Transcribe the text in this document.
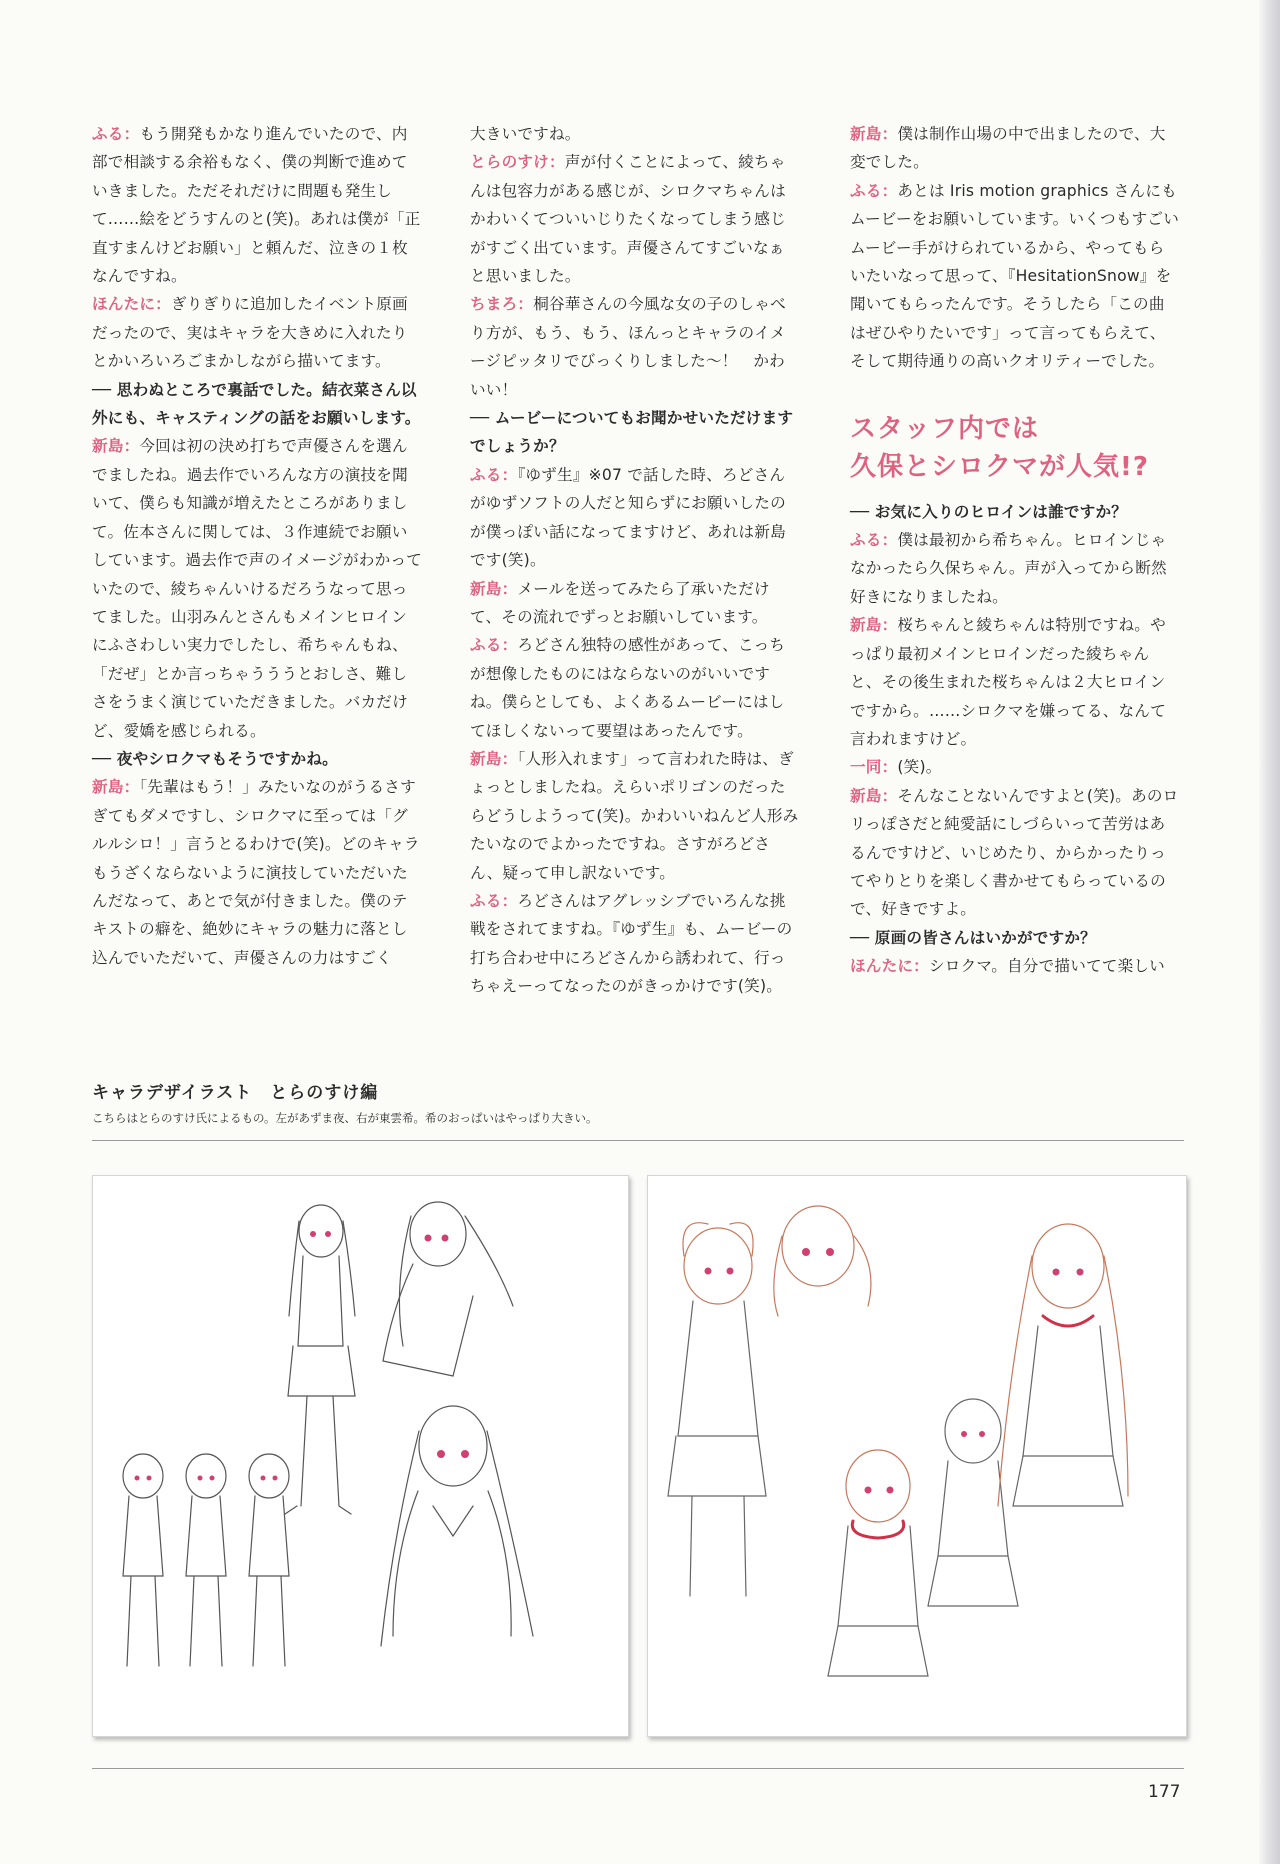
ふる：もう開発もかなり進んでいたので、内部で相談する余裕もなく、僕の判断で進めていきました。ただそれだけに問題も発生して……絵をどうすんのと(笑)。あれは僕が「正直すまんけどお願い」と頼んだ、泣きの１枚なんですね。

ほんたに：ぎりぎりに追加したイベント原画だったので、実はキャラを大きめに入れたりとかいろいろごまかしながら描いてます。

── 思わぬところで裏話でした。結衣菜さん以外にも、キャスティングの話をお願いします。

新島：今回は初の決め打ちで声優さんを選んでましたね。過去作でいろんな方の演技を聞いて、僕らも知識が増えたところがありまして。佐本さんに関しては、３作連続でお願いしています。過去作で声のイメージがわかっていたので、綾ちゃんいけるだろうなって思ってました。山羽みんとさんもメインヒロインにふさわしい実力でしたし、希ちゃんもね、「だぜ」とか言っちゃうううとおしさ、難しさをうまく演じていただきました。バカだけど、愛嬌を感じられる。

── 夜やシロクマもそうですかね。

新島：「先輩はもう！」みたいなのがうるさすぎてもダメですし、シロクマに至っては「グルルシロ！」言うとるわけで(笑)。どのキャラもうざくならないように演技していただいたんだなって、あとで気が付きました。僕のテキストの癖を、絶妙にキャラの魅力に落とし込んでいただいて、声優さんの力はすごく

大きいですね。

とらのすけ：声が付くことによって、綾ちゃんは包容力がある感じが、シロクマちゃんはかわいくてついいじりたくなってしまう感じがすごく出ています。声優さんてすごいなぁと思いました。

ちまろ：桐谷華さんの今風な女の子のしゃべり方が、もう、もう、ほんっとキャラのイメージピッタリでびっくりしました〜！　かわいい！

── ムービーについてもお聞かせいただけますでしょうか？

ふる：『ゆず生』※07 で話した時、ろどさんがゆずソフトの人だと知らずにお願いしたのが僕っぽい話になってますけど、あれは新島です(笑)。

新島：メールを送ってみたら了承いただけて、その流れでずっとお願いしています。

ふる：ろどさん独特の感性があって、こっちが想像したものにはならないのがいいですね。僕らとしても、よくあるムービーにはしてほしくないって要望はあったんです。

新島：「人形入れます」って言われた時は、ぎょっとしましたね。えらいポリゴンのだったらどうしようって(笑)。かわいいねんど人形みたいなのでよかったですね。さすがろどさん、疑って申し訳ないです。

ふる：ろどさんはアグレッシブでいろんな挑戦をされてますね。『ゆず生』も、ムービーの打ち合わせ中にろどさんから誘われて、行っちゃえーってなったのがきっかけです(笑)。

新島：僕は制作山場の中で出ましたので、大変でした。

ふる：あとは Iris motion graphics さんにもムービーをお願いしています。いくつもすごいムービー手がけられているから、やってもらいたいなって思って、『HesitationSnow』を聞いてもらったんです。そうしたら「この曲はぜひやりたいです」って言ってもらえて、そして期待通りの高いクオリティーでした。

スタッフ内では
久保とシロクマが人気!?

── お気に入りのヒロインは誰ですか？

ふる：僕は最初から希ちゃん。ヒロインじゃなかったら久保ちゃん。声が入ってから断然好きになりましたね。

新島：桜ちゃんと綾ちゃんは特別ですね。やっぱり最初メインヒロインだった綾ちゃんと、その後生まれた桜ちゃんは２大ヒロインですから。……シロクマを嫌ってる、なんて言われますけど。

一同：(笑)。

新島：そんなことないんですよと(笑)。あのロリっぽさだと純愛話にしづらいって苦労はあるんですけど、いじめたり、からかったりってやりとりを楽しく書かせてもらっているので、好きですよ。

── 原画の皆さんはいかがですか？

ほんたに：シロクマ。自分で描いてて楽しい

キャラデザイラスト　とらのすけ編
こちらはとらのすけ氏によるもの。左があずま夜、右が東雲希。希のおっぱいはやっぱり大きい。
177
